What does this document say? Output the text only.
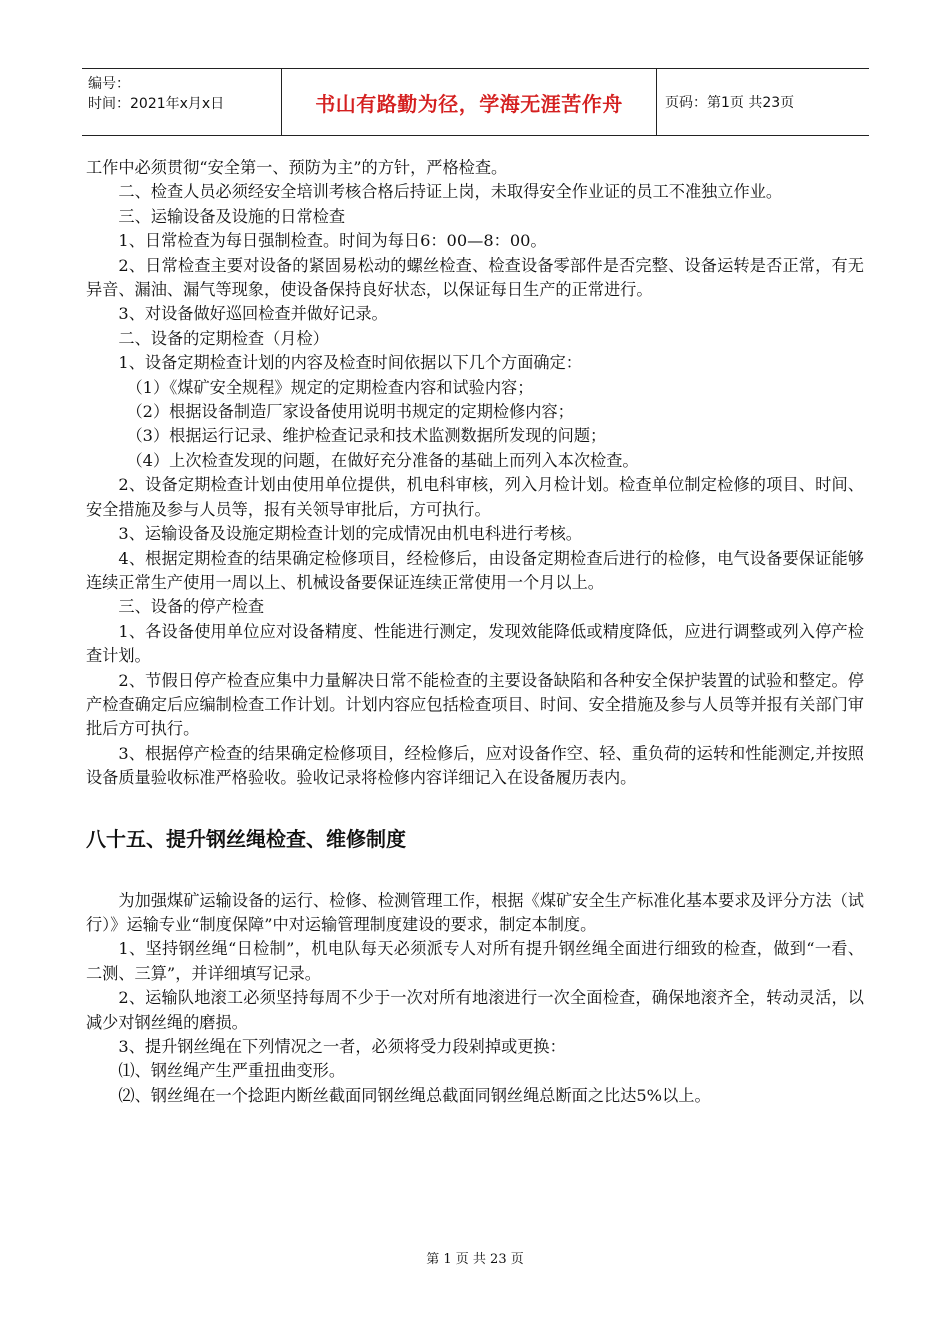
编号：
时间：2021年x月x日	书山有路勤为径，学海无涯苦作舟	页码：第1页 共23页

工作中必须贯彻“安全第一、预防为主”的方针，严格检查。

二、检查人员必须经安全培训考核合格后持证上岗，未取得安全作业证的员工不准独立作业。

三、运输设备及设施的日常检查

1、日常检查为每日强制检查。时间为每日6：00—8：00。

2、日常检查主要对设备的紧固易松动的螺丝检查、检查设备零部件是否完整、设备运转是否正常，有无异音、漏油、漏气等现象，使设备保持良好状态，以保证每日生产的正常进行。

3、对设备做好巡回检查并做好记录。

二、设备的定期检查（月检）

1、设备定期检查计划的内容及检查时间依据以下几个方面确定：

（1）《煤矿安全规程》规定的定期检查内容和试验内容；

（2）根据设备制造厂家设备使用说明书规定的定期检修内容；

（3）根据运行记录、维护检查记录和技术监测数据所发现的问题；

（4）上次检查发现的问题，在做好充分准备的基础上而列入本次检查。

2、设备定期检查计划由使用单位提供，机电科审核，列入月检计划。检查单位制定检修的项目、时间、安全措施及参与人员等，报有关领导审批后，方可执行。

3、运输设备及设施定期检查计划的完成情况由机电科进行考核。

4、根据定期检查的结果确定检修项目，经检修后，由设备定期检查后进行的检修，电气设备要保证能够连续正常生产使用一周以上、机械设备要保证连续正常使用一个月以上。

三、设备的停产检查

1、各设备使用单位应对设备精度、性能进行测定，发现效能降低或精度降低，应进行调整或列入停产检查计划。

2、节假日停产检查应集中力量解决日常不能检查的主要设备缺陷和各种安全保护装置的试验和整定。停产检查确定后应编制检查工作计划。计划内容应包括检查项目、时间、安全措施及参与人员等并报有关部门审批后方可执行。

3、根据停产检查的结果确定检修项目，经检修后，应对设备作空、轻、重负荷的运转和性能测定,并按照设备质量验收标准严格验收。验收记录将检修内容详细记入在设备履历表内。

八十五、提升钢丝绳检查、维修制度

为加强煤矿运输设备的运行、检修、检测管理工作，根据《煤矿安全生产标准化基本要求及评分方法（试行）》运输专业“制度保障”中对运输管理制度建设的要求，制定本制度。

1、坚持钢丝绳“日检制”，机电队每天必须派专人对所有提升钢丝绳全面进行细致的检查，做到“一看、二测、三算”，并详细填写记录。

2、运输队地滚工必须坚持每周不少于一次对所有地滚进行一次全面检查，确保地滚齐全，转动灵活，以减少对钢丝绳的磨损。

3、提升钢丝绳在下列情况之一者，必须将受力段剁掉或更换：

⑴、钢丝绳产生严重扭曲变形。

⑵、钢丝绳在一个捻距内断丝截面同钢丝绳总截面同钢丝绳总断面之比达5%以上。

第 1 页 共 23 页
